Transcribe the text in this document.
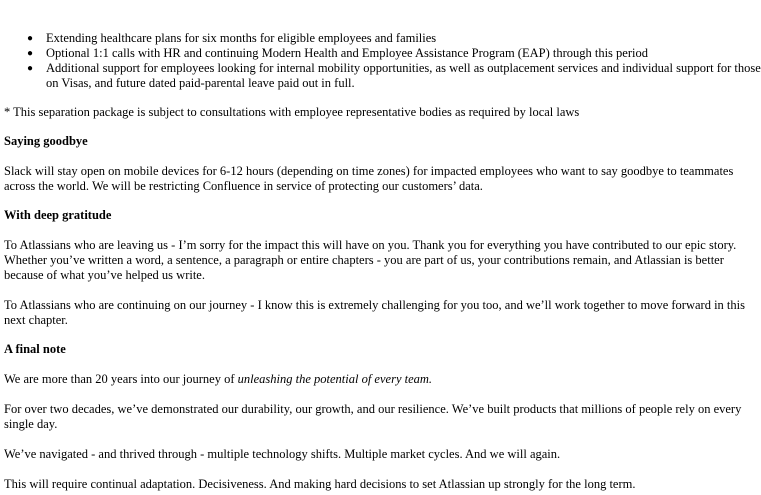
● Extending healthcare plans for six months for eligible employees and families
● Optional 1:1 calls with HR and continuing Modern Health and Employee Assistance Program (EAP) through this period
● Additional support for employees looking for internal mobility opportunities, as well as outplacement services and individual support for those on Visas, and future dated paid-parental leave paid out in full.

* This separation package is subject to consultations with employee representative bodies as required by local laws

Saying goodbye

Slack will stay open on mobile devices for 6-12 hours (depending on time zones) for impacted employees who want to say goodbye to teammates across the world. We will be restricting Confluence in service of protecting our customers’ data.

With deep gratitude

To Atlassians who are leaving us - I’m sorry for the impact this will have on you. Thank you for everything you have contributed to our epic story. Whether you’ve written a word, a sentence, a paragraph or entire chapters - you are part of us, your contributions remain, and Atlassian is better because of what you’ve helped us write.

To Atlassians who are continuing on our journey - I know this is extremely challenging for you too, and we’ll work together to move forward in this next chapter.

A final note

We are more than 20 years into our journey of unleashing the potential of every team.

For over two decades, we’ve demonstrated our durability, our growth, and our resilience. We’ve built products that millions of people rely on every single day.

We’ve navigated - and thrived through - multiple technology shifts. Multiple market cycles. And we will again.

This will require continual adaptation. Decisiveness. And making hard decisions to set Atlassian up strongly for the long term.
